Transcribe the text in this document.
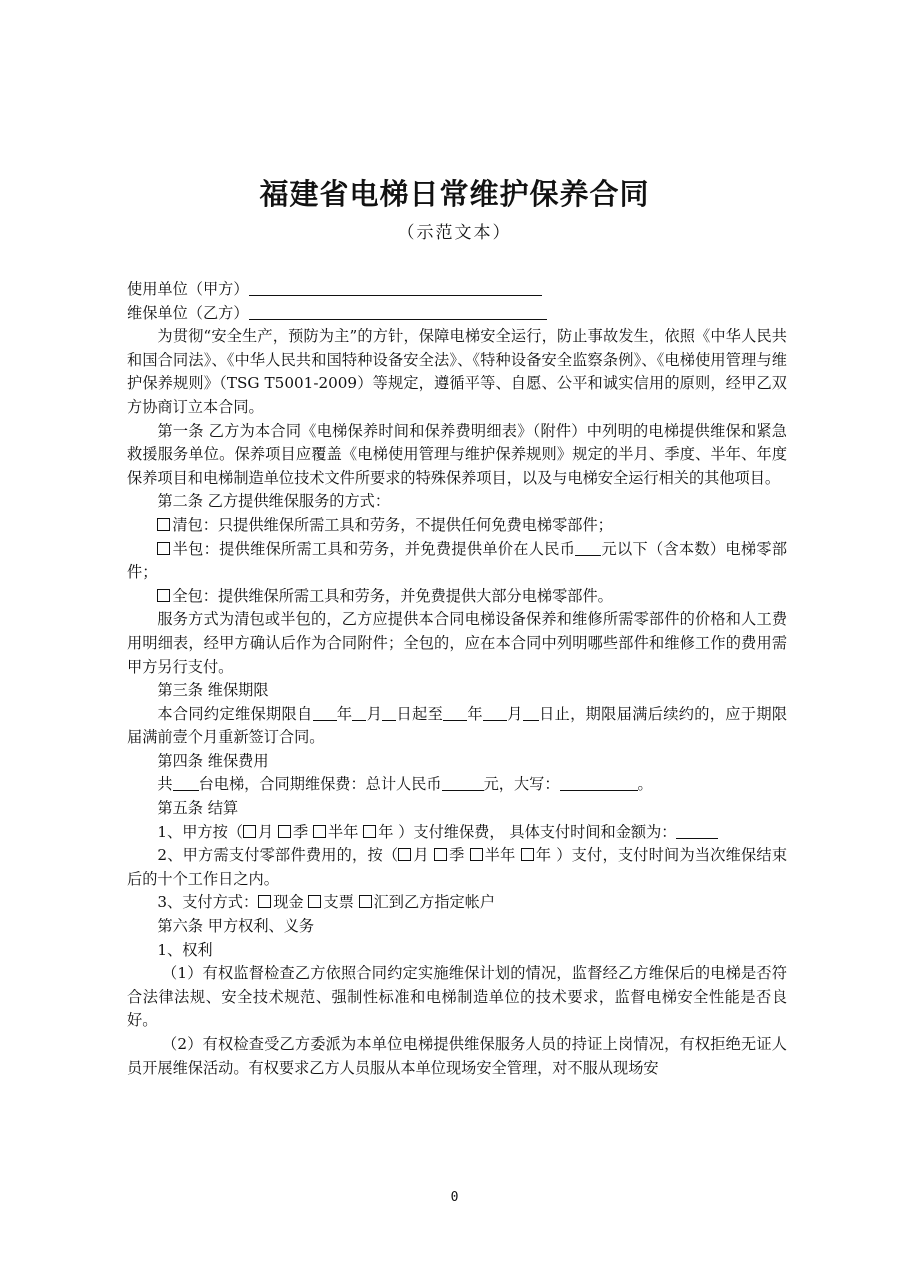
福建省电梯日常维护保养合同
（示范文本）

使用单位（甲方）

维保单位（乙方）

为贯彻“安全生产，预防为主”的方针，保障电梯安全运行，防止事故发生，依照《中华人民共和国合同法》、《中华人民共和国特种设备安全法》、《特种设备安全监察条例》、《电梯使用管理与维护保养规则》（TSG T5001-2009）等规定，遵循平等、自愿、公平和诚实信用的原则，经甲乙双方协商订立本合同。

第一条 乙方为本合同《电梯保养时间和保养费明细表》（附件）中列明的电梯提供维保和紧急救援服务单位。保养项目应覆盖《电梯使用管理与维护保养规则》规定的半月、季度、半年、年度保养项目和电梯制造单位技术文件所要求的特殊保养项目，以及与电梯安全运行相关的其他项目。

第二条 乙方提供维保服务的方式：

清包：只提供维保所需工具和劳务，不提供任何免费电梯零部件；

半包：提供维保所需工具和劳务，并免费提供单价在人民币 元以下（含本数）电梯零部件；

全包：提供维保所需工具和劳务，并免费提供大部分电梯零部件。

服务方式为清包或半包的，乙方应提供本合同电梯设备保养和维修所需零部件的价格和人工费用明细表，经甲方确认后作为合同附件；全包的，应在本合同中列明哪些部件和维修工作的费用需甲方另行支付。

第三条 维保期限

本合同约定维保期限自 年 月 日起至 年 月 日止，期限届满后续约的，应于期限届满前壹个月重新签订合同。

第四条 维保费用

共 台电梯，合同期维保费：总计人民币	元，大写：	。

第五条 结算

1、甲方按（ 月 季 半年 年 ）支付维保费， 具体支付时间和金额为：

2、甲方需支付零部件费用的，按（ 月 季 半年 年 ）支付，支付时间为当次维保结束后的十个工作日之内。

3、支付方式： 现金 支票 汇到乙方指定帐户

第六条 甲方权利、义务

1、权利

（1）有权监督检查乙方依照合同约定实施维保计划的情况，监督经乙方维保后的电梯是否符合法律法规、安全技术规范、强制性标准和电梯制造单位的技术要求，监督电梯安全性能是否良好。

（2）有权检查受乙方委派为本单位电梯提供维保服务人员的持证上岗情况，有权拒绝无证人员开展维保活动。有权要求乙方人员服从本单位现场安全管理，对不服从现场安

0
